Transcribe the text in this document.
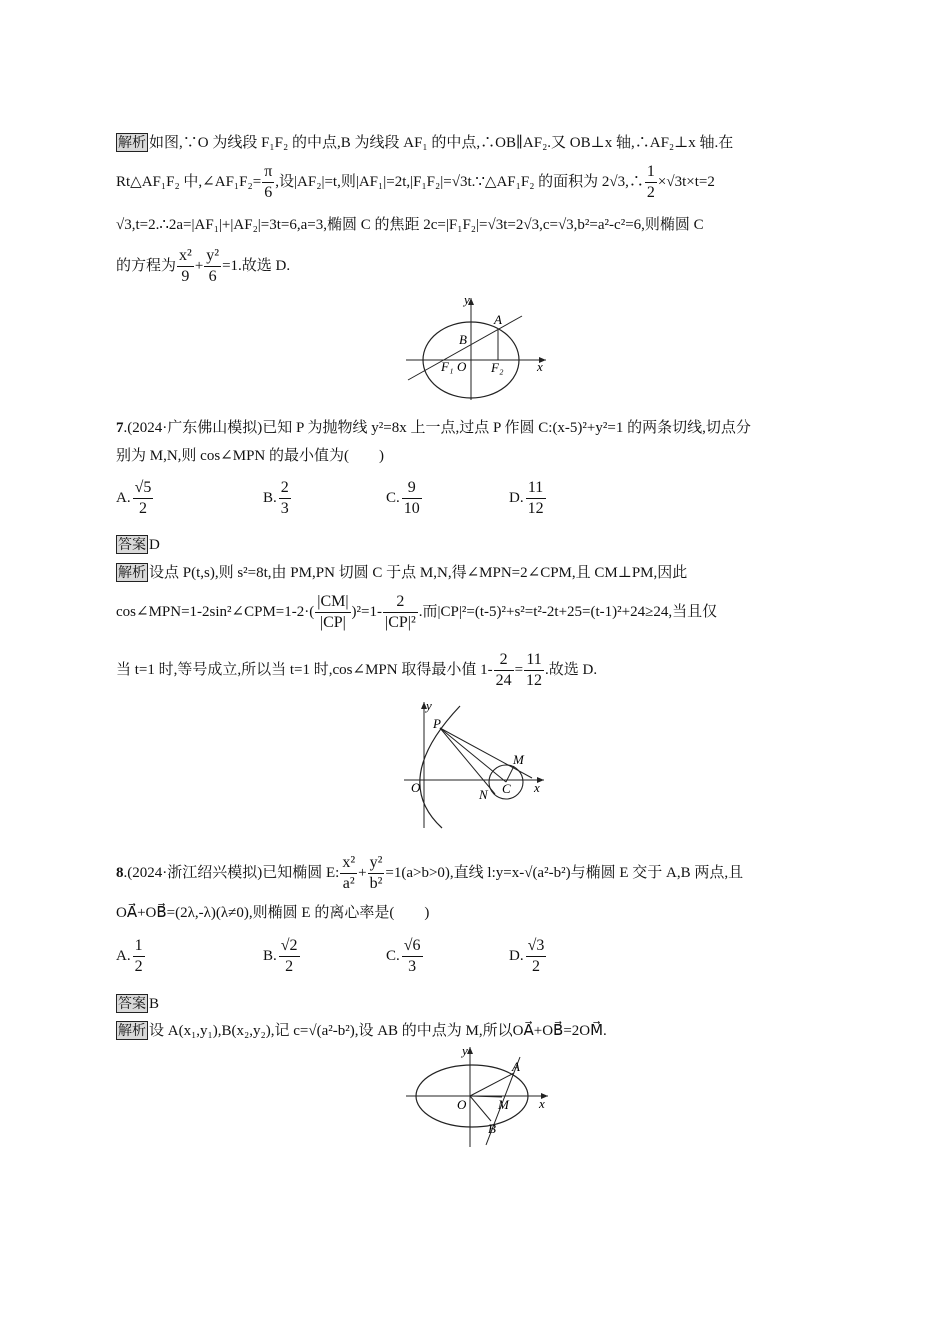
解析 如图,∵O 为线段 F₁F₂ 的中点,B 为线段 AF₁ 的中点,∴OB∥AF₂.又 OB⊥x 轴,∴AF₂⊥x 轴.在
Rt△AF₁F₂ 中,∠AF₁F₂= $\frac{\pi}{6}$ ,设|AF₂|=t,则|AF₁|=2t,|F₁F₂|=√3t.∵△AF₁F₂ 的面积为 2√3,∴ $\frac{1}{2} \times√3t\times t=2$
√3,t=2.∴2a=|AF₁|+|AF₂|=3t=6,a=3,椭圆 C 的焦距 2c=|F₁F₂|=√3t=2√3,c=√3,b²=a²-c²=6,则椭圆 C
的方程为 $\frac{\text{x²}}{9} + \frac{\text{y²}}{6} =1$.故选 D.
y
x
A
B
O
F₁	F₂
7.(2024·广东佛山模拟)已知 P 为抛物线 y²=8x 上一点,过点 P 作圆 C:(x-5)²+y²=1 的两条切线,切点分
别为 M,N,则 cos∠MPN 的最小值为(　　)
A. $\frac{√5}{2}$	B. $\frac{2}{3}$	C. $\frac{9}{10}$	D. $\frac{11}{12}$
答案 D
解析 设点 P(t,s),则 s²=8t,由 PM,PN 切圆 C 于点 M,N,得∠MPN=2∠CPM,且 CM⊥PM,因此
cos∠MPN=1-2sin²∠CPM=1-2·( $\frac{|CM|}{|CP|} )^2=1- \frac{2}{\text{|CP|²}}$ .而|CP|²=(t-5)²+s²=t²-2t+25=(t-1)²+24≥24,当且仅
当 t=1 时,等号成立,所以当 t=1 时,cos∠MPN 取得最小值 $1- \frac{2}{24} = \frac{11}{12}$ .故选 D.
y
x
P
M
O	N C
8.(2024·浙江绍兴模拟)已知椭圆 E: $\frac{\text{x²}}{\text{a²}} + \frac{\text{y²}}{\text{b²}} =1(a>b>0)$,直线 l:y=x-√(a²-b²)与椭圆 E 交于 A,B 两点,且
OA⃗+OB⃗=(2λ,-λ)(λ≠0),则椭圆 E 的离心率是(　　)
A. $\frac{1}{2}$	B. $\frac{√2}{2}$	C. $\frac{√6}{3}$	D. $\frac{√3}{2}$
答案 B
解析 设 A(x₁,y₁),B(x₂,y₂),记 c=√(a²-b²),设 AB 的中点为 M,所以OA⃗+OB⃗=2OM⃗.
y
x
A
O M
B
